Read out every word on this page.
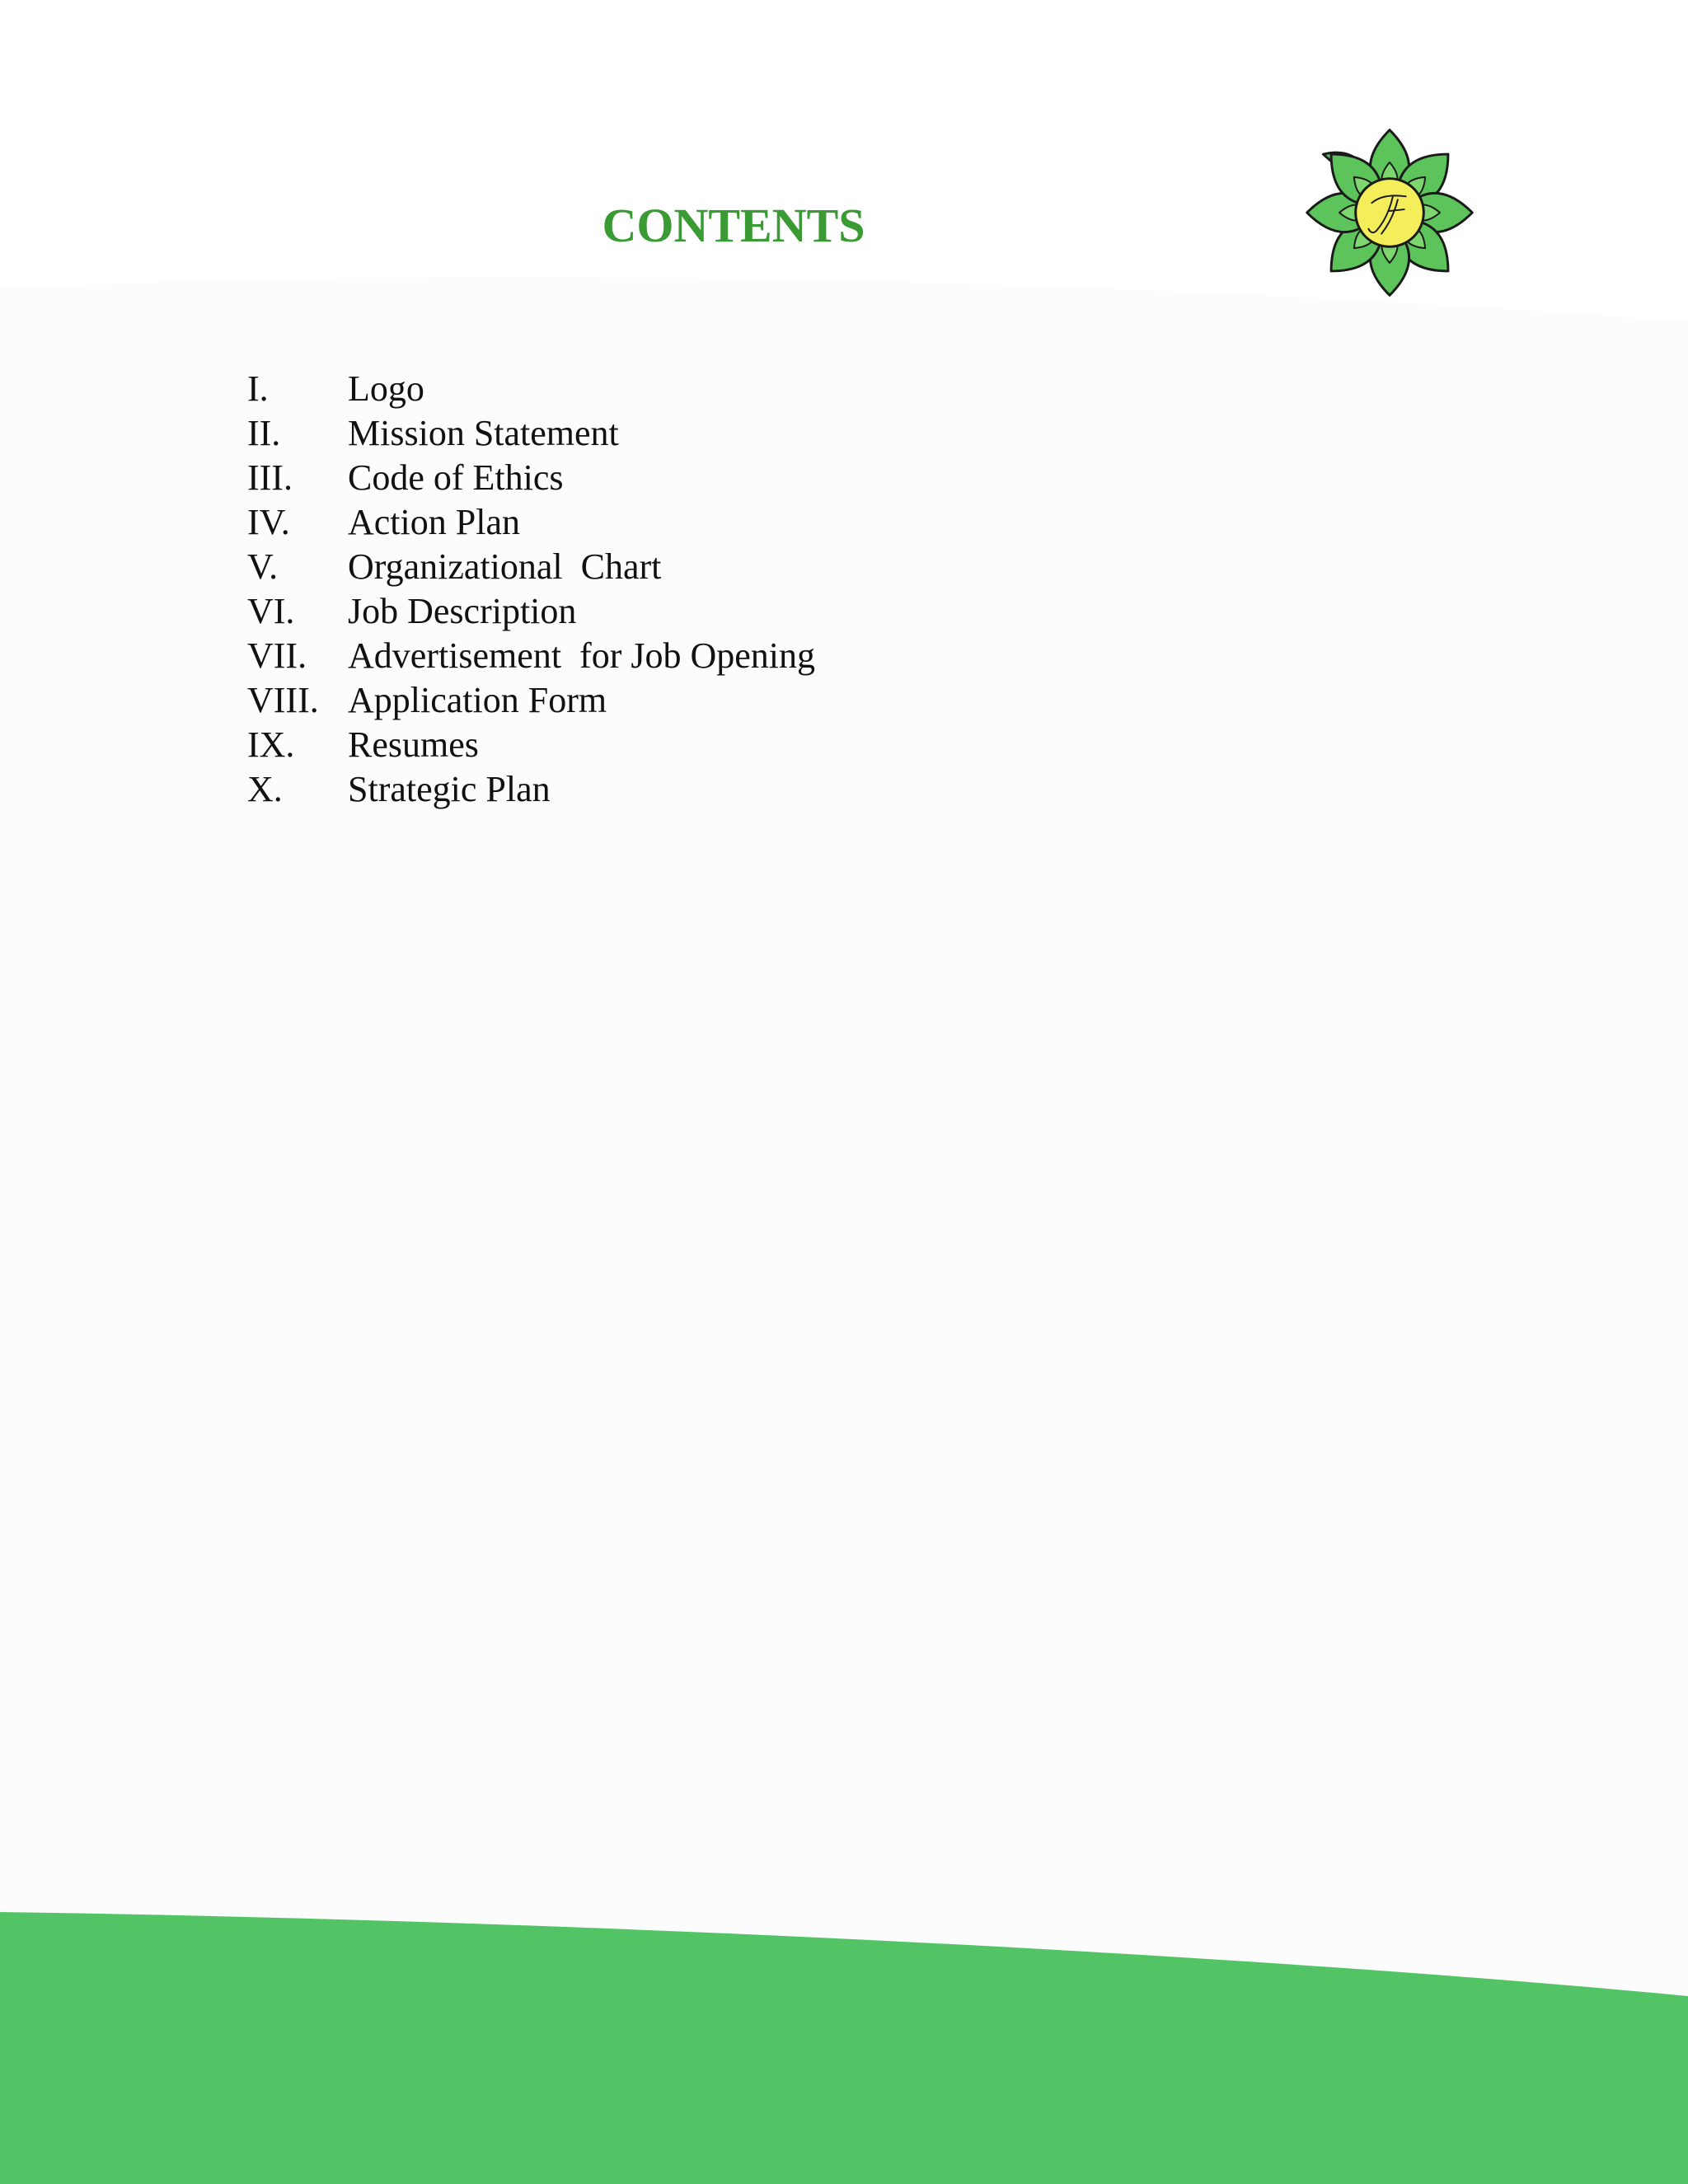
CONTENTS
I. Logo
II. Mission Statement
III. Code of Ethics
IV. Action Plan
V. Organizational  Chart
VI. Job Description
VII. Advertisement  for Job Opening
VIII. Application Form
IX. Resumes
X. Strategic Plan
